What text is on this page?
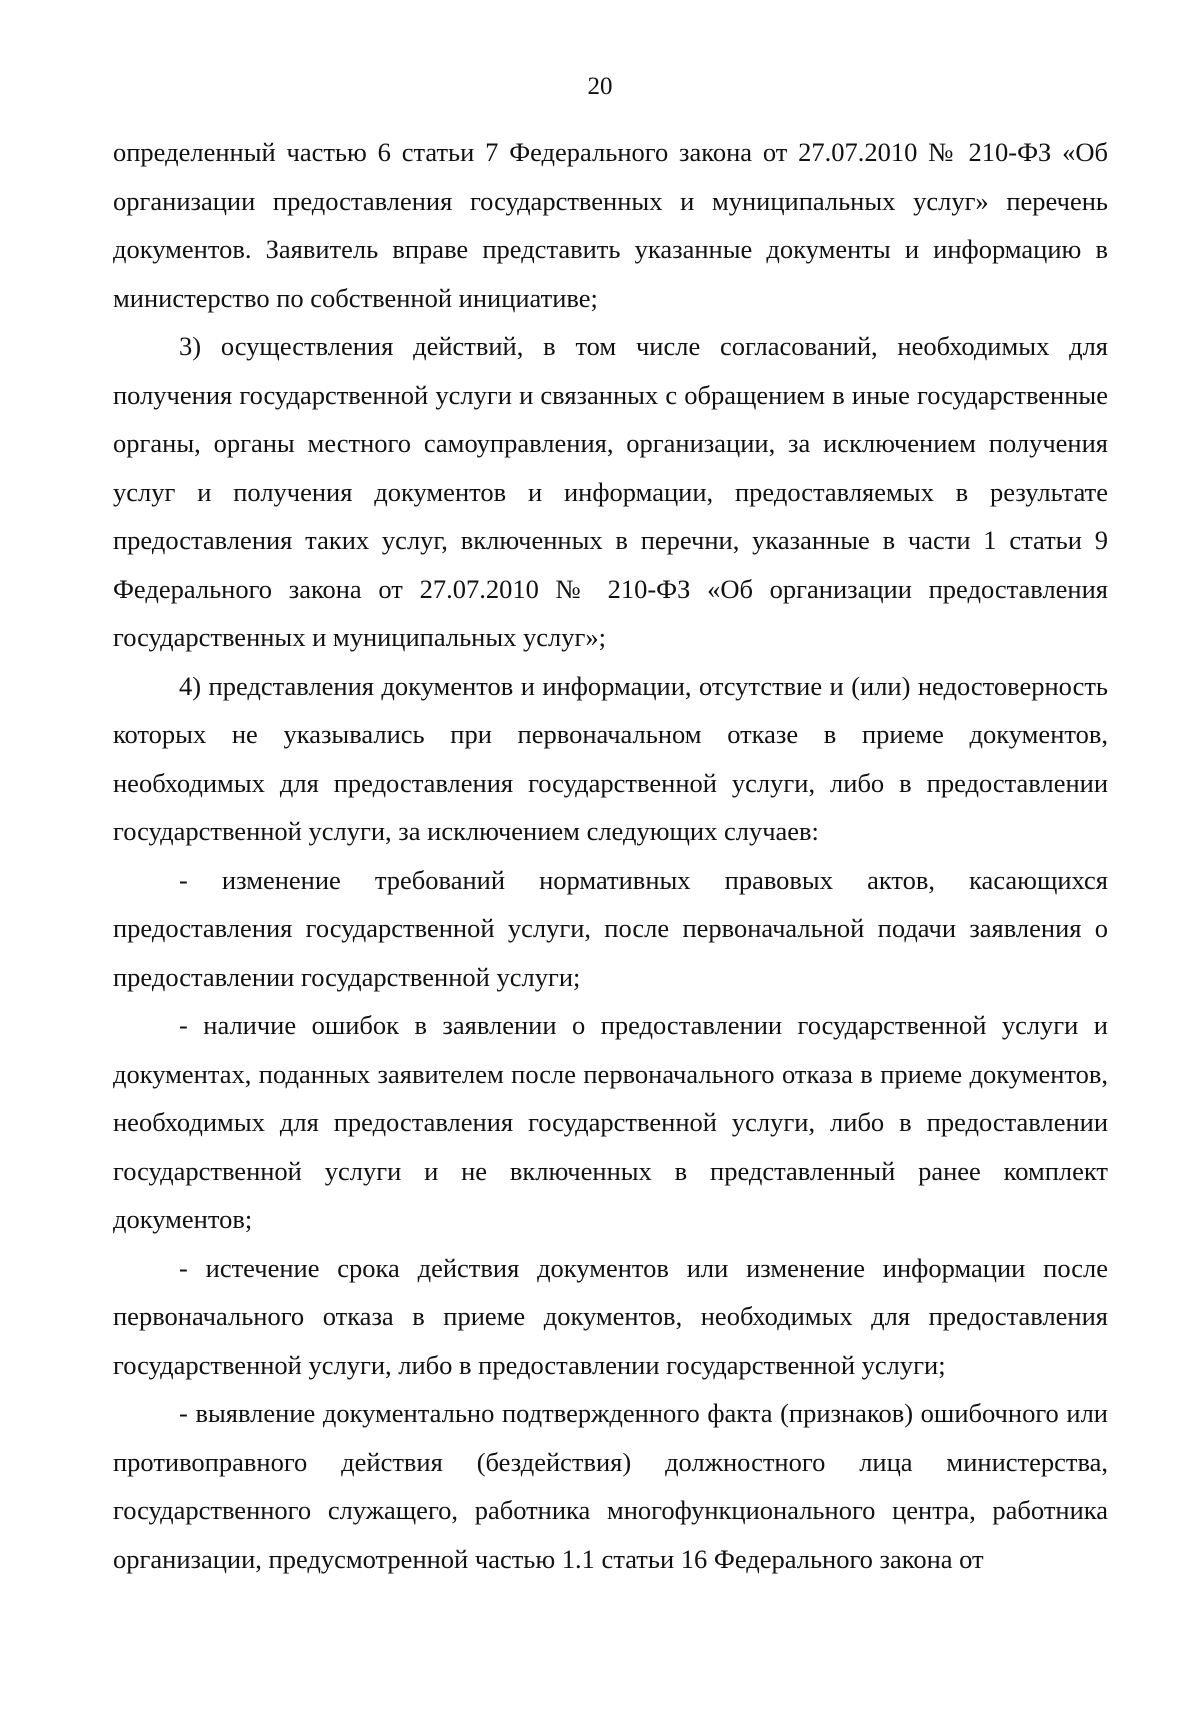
20

определенный частью 6 статьи 7 Федерального закона от 27.07.2010 № 210-ФЗ «Об организации предоставления государственных и муниципальных услуг» перечень документов. Заявитель вправе представить указанные документы и информацию в министерство по собственной инициативе;

3) осуществления действий, в том числе согласований, необходимых для получения государственной услуги и связанных с обращением в иные государственные органы, органы местного самоуправления, организации, за исключением получения услуг и получения документов и информации, предоставляемых в результате предоставления таких услуг, включенных в перечни, указанные в части 1 статьи 9 Федерального закона от 27.07.2010 № 210-ФЗ «Об организации предоставления государственных и муниципальных услуг»;

4) представления документов и информации, отсутствие и (или) недостоверность которых не указывались при первоначальном отказе в приеме документов, необходимых для предоставления государственной услуги, либо в предоставлении государственной услуги, за исключением следующих случаев:

- изменение требований нормативных правовых актов, касающихся предоставления государственной услуги, после первоначальной подачи заявления о предоставлении государственной услуги;

- наличие ошибок в заявлении о предоставлении государственной услуги и документах, поданных заявителем после первоначального отказа в приеме документов, необходимых для предоставления государственной услуги, либо в предоставлении государственной услуги и не включенных в представленный ранее комплект документов;

- истечение срока действия документов или изменение информации после первоначального отказа в приеме документов, необходимых для предоставления государственной услуги, либо в предоставлении государственной услуги;

- выявление документально подтвержденного факта (признаков) ошибочного или противоправного действия (бездействия) должностного лица министерства, государственного служащего, работника многофункционального центра, работника организации, предусмотренной частью 1.1 статьи 16 Федерального закона от
